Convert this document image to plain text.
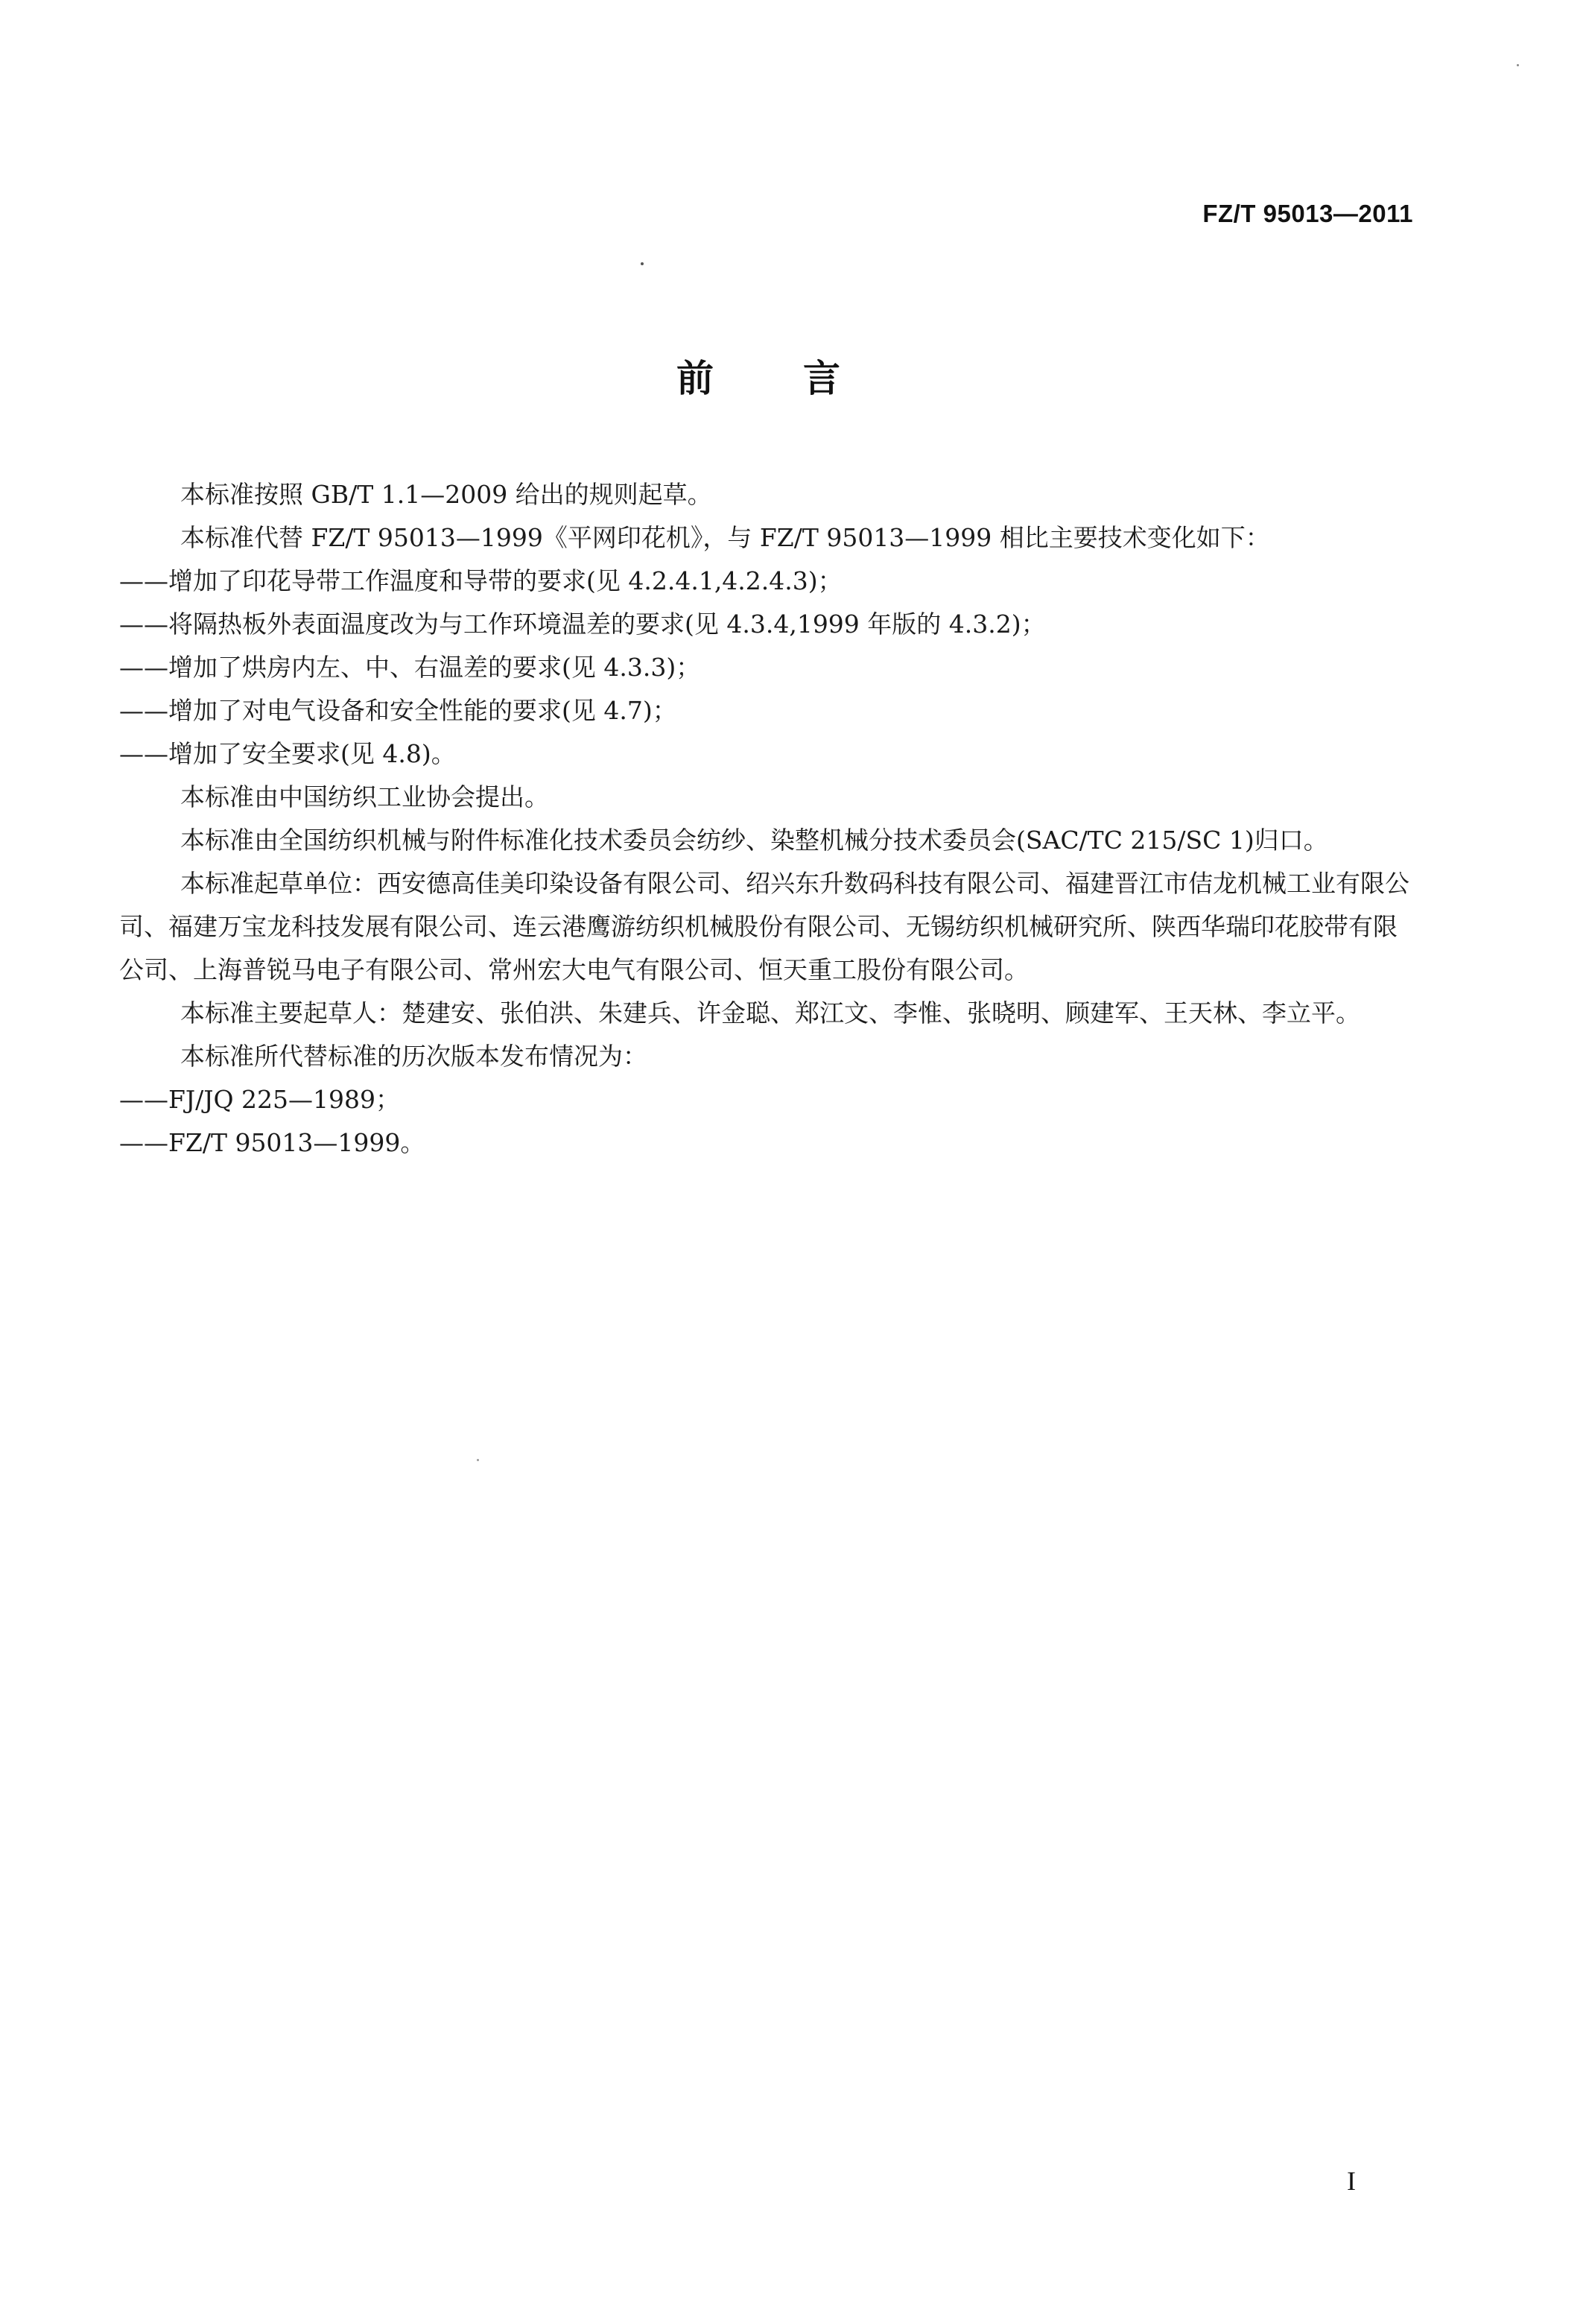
FZ/T 95013—2011
前言

本标准按照 GB/T 1.1—2009 给出的规则起草。

本标准代替 FZ/T 95013—1999《平网印花机》，与 FZ/T 95013—1999 相比主要技术变化如下：

——增加了印花导带工作温度和导带的要求(见 4.2.4.1,4.2.4.3)；

——将隔热板外表面温度改为与工作环境温差的要求(见 4.3.4,1999 年版的 4.3.2)；

——增加了烘房内左、中、右温差的要求(见 4.3.3)；

——增加了对电气设备和安全性能的要求(见 4.7)；

——增加了安全要求(见 4.8)。

本标准由中国纺织工业协会提出。

本标准由全国纺织机械与附件标准化技术委员会纺纱、染整机械分技术委员会(SAC/TC 215/SC 1)归口。

本标准起草单位：西安德高佳美印染设备有限公司、绍兴东升数码科技有限公司、福建晋江市佶龙机械工业有限公司、福建万宝龙科技发展有限公司、连云港鹰游纺织机械股份有限公司、无锡纺织机械研究所、陕西华瑞印花胶带有限公司、上海普锐马电子有限公司、常州宏大电气有限公司、恒天重工股份有限公司。

本标准主要起草人：楚建安、张伯洪、朱建兵、许金聪、郑江文、李惟、张晓明、顾建军、王天林、李立平。

本标准所代替标准的历次版本发布情况为：

——FJ/JQ 225—1989；

——FZ/T 95013—1999。

I
